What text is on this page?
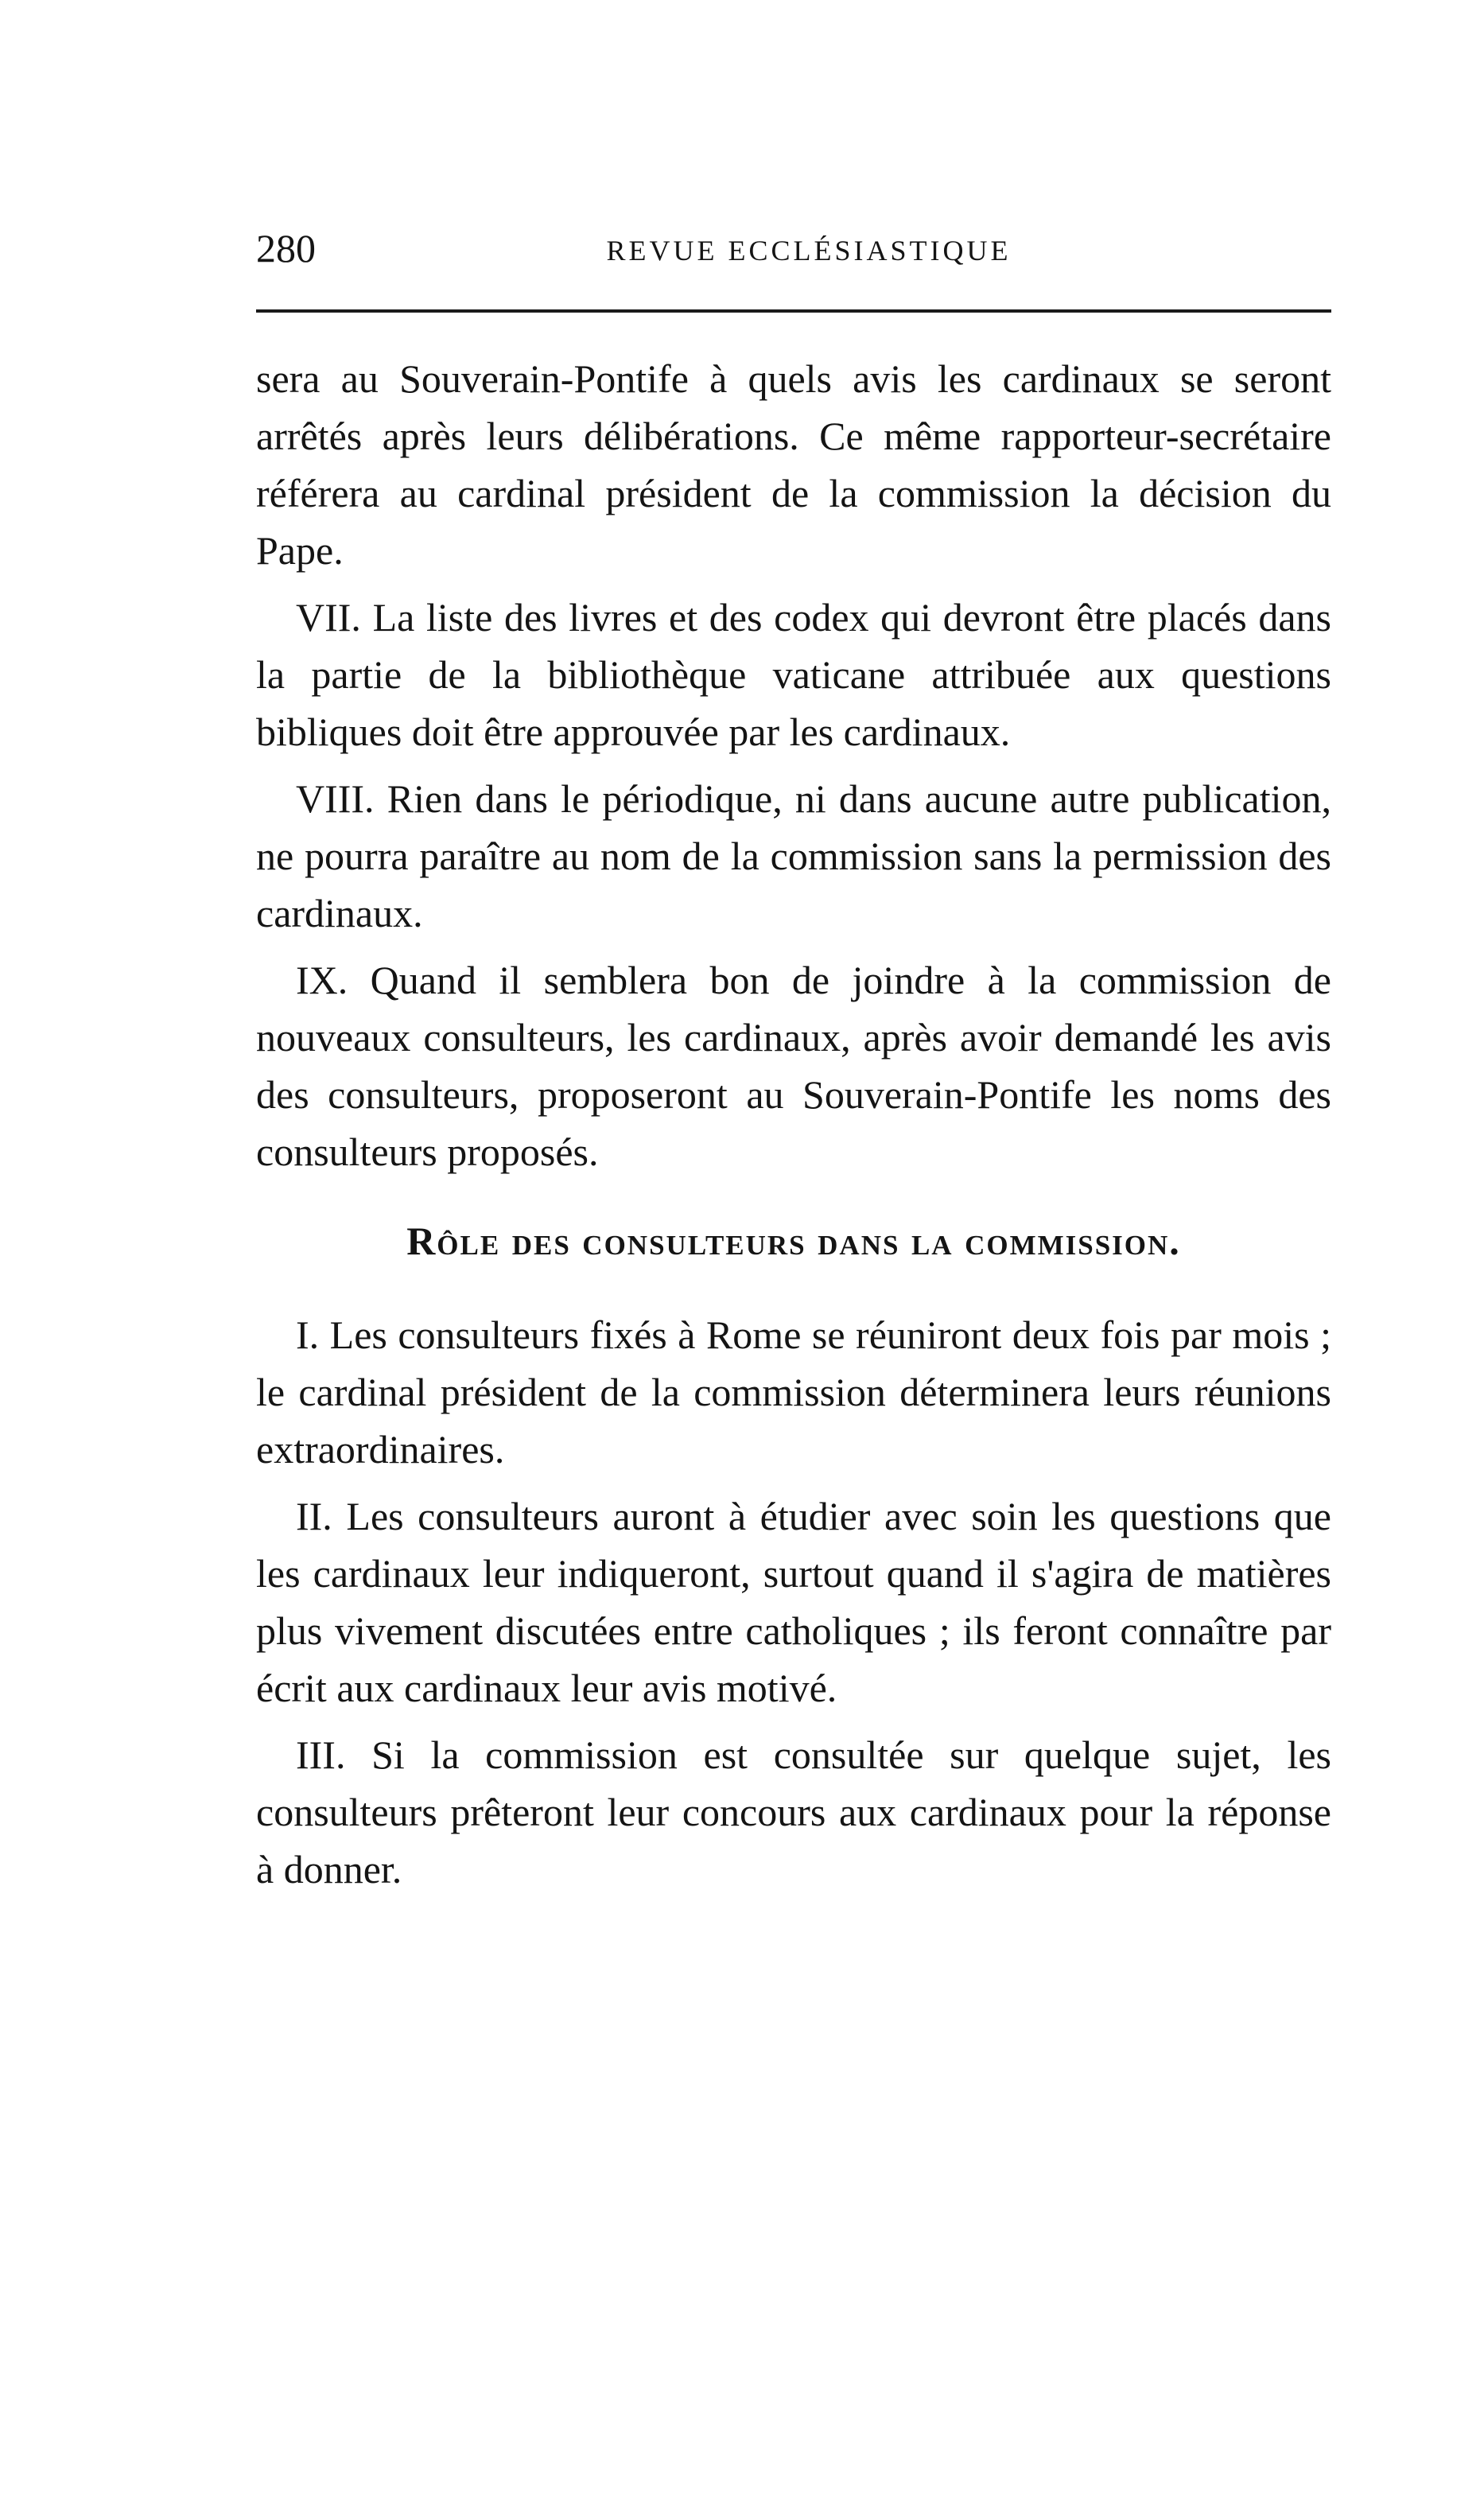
280	REVUE ECCLÉSIASTIQUE

sera au Souverain-Pontife à quels avis les cardinaux se seront arrêtés après leurs délibérations. Ce même rapporteur-secrétaire référera au cardinal président de la commission la décision du Pape.

VII. La liste des livres et des codex qui devront être placés dans la partie de la bibliothèque vaticane attribuée aux questions bibliques doit être approuvée par les cardinaux.

VIII. Rien dans le périodique, ni dans aucune autre publication, ne pourra paraître au nom de la commission sans la permission des cardinaux.

IX. Quand il semblera bon de joindre à la commission de nouveaux consulteurs, les cardinaux, après avoir demandé les avis des consulteurs, proposeront au Souverain-Pontife les noms des consulteurs proposés.

Rôle des consulteurs dans la commission.

I. Les consulteurs fixés à Rome se réuniront deux fois par mois ; le cardinal président de la commission déterminera leurs réunions extraordinaires.

II. Les consulteurs auront à étudier avec soin les questions que les cardinaux leur indiqueront, surtout quand il s'agira de matières plus vivement discutées entre catholiques ; ils feront connaître par écrit aux cardinaux leur avis motivé.

III. Si la commission est consultée sur quelque sujet, les consulteurs prêteront leur concours aux cardinaux pour la réponse à donner.
